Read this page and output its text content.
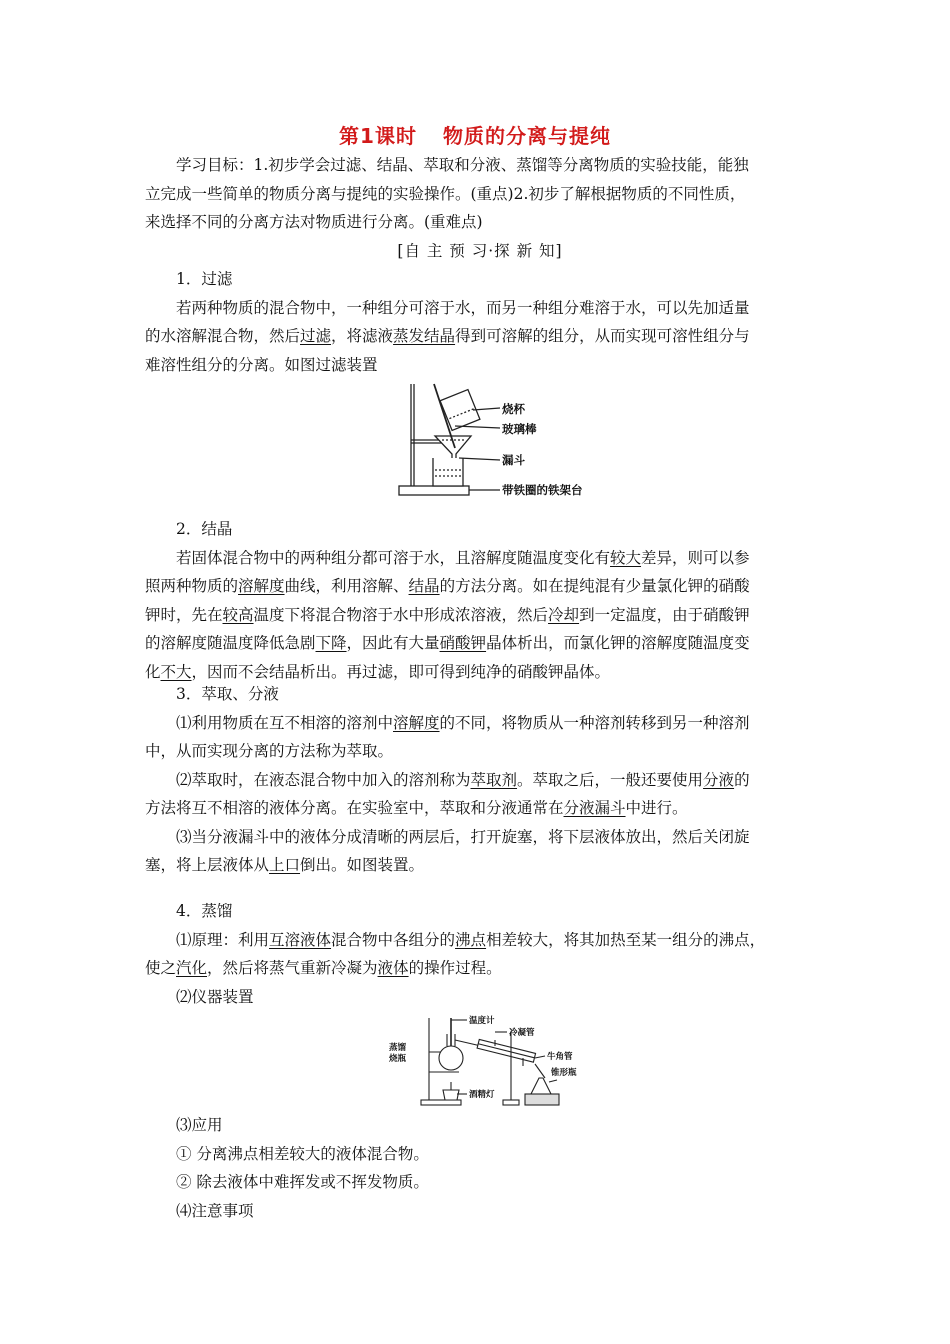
第1课时 物质的分离与提纯

学习目标：1.初步学会过滤、结晶、萃取和分液、蒸馏等分离物质的实验技能，能独

立完成一些简单的物质分离与提纯的实验操作。(重点)2.初步了解根据物质的不同性质，

来选择不同的分离方法对物质进行分离。(重难点)

[自 主 预 习·探 新 知]

1．过滤

若两种物质的混合物中，一种组分可溶于水，而另一种组分难溶于水，可以先加适量

的水溶解混合物，然后过滤，将滤液蒸发结晶得到可溶解的组分，从而实现可溶性组分与

难溶性组分的分离。如图过滤装置

烧杯
玻璃棒
漏斗
带铁圈的铁架台

2．结晶

若固体混合物中的两种组分都可溶于水，且溶解度随温度变化有较大差异，则可以参

照两种物质的溶解度曲线，利用溶解、结晶的方法分离。如在提纯混有少量氯化钾的硝酸

钾时，先在较高温度下将混合物溶于水中形成浓溶液，然后冷却到一定温度，由于硝酸钾

的溶解度随温度降低急剧下降，因此有大量硝酸钾晶体析出，而氯化钾的溶解度随温度变

化不大，因而不会结晶析出。再过滤，即可得到纯净的硝酸钾晶体。

3．萃取、分液

⑴利用物质在互不相溶的溶剂中溶解度的不同，将物质从一种溶剂转移到另一种溶剂

中，从而实现分离的方法称为萃取。

⑵萃取时，在液态混合物中加入的溶剂称为萃取剂。萃取之后，一般还要使用分液的

方法将互不相溶的液体分离。在实验室中，萃取和分液通常在分液漏斗中进行。

⑶当分液漏斗中的液体分成清晰的两层后，打开旋塞，将下层液体放出，然后关闭旋

塞，将上层液体从上口倒出。如图装置。

4．蒸馏

⑴原理：利用互溶液体混合物中各组分的沸点相差较大，将其加热至某一组分的沸点，

使之汽化，然后将蒸气重新冷凝为液体的操作过程。

⑵仪器装置

温度计
冷凝管
蒸馏
烧瓶	牛角管
锥形瓶
酒精灯

⑶应用

① 分离沸点相差较大的液体混合物。

② 除去液体中难挥发或不挥发物质。

⑷注意事项
